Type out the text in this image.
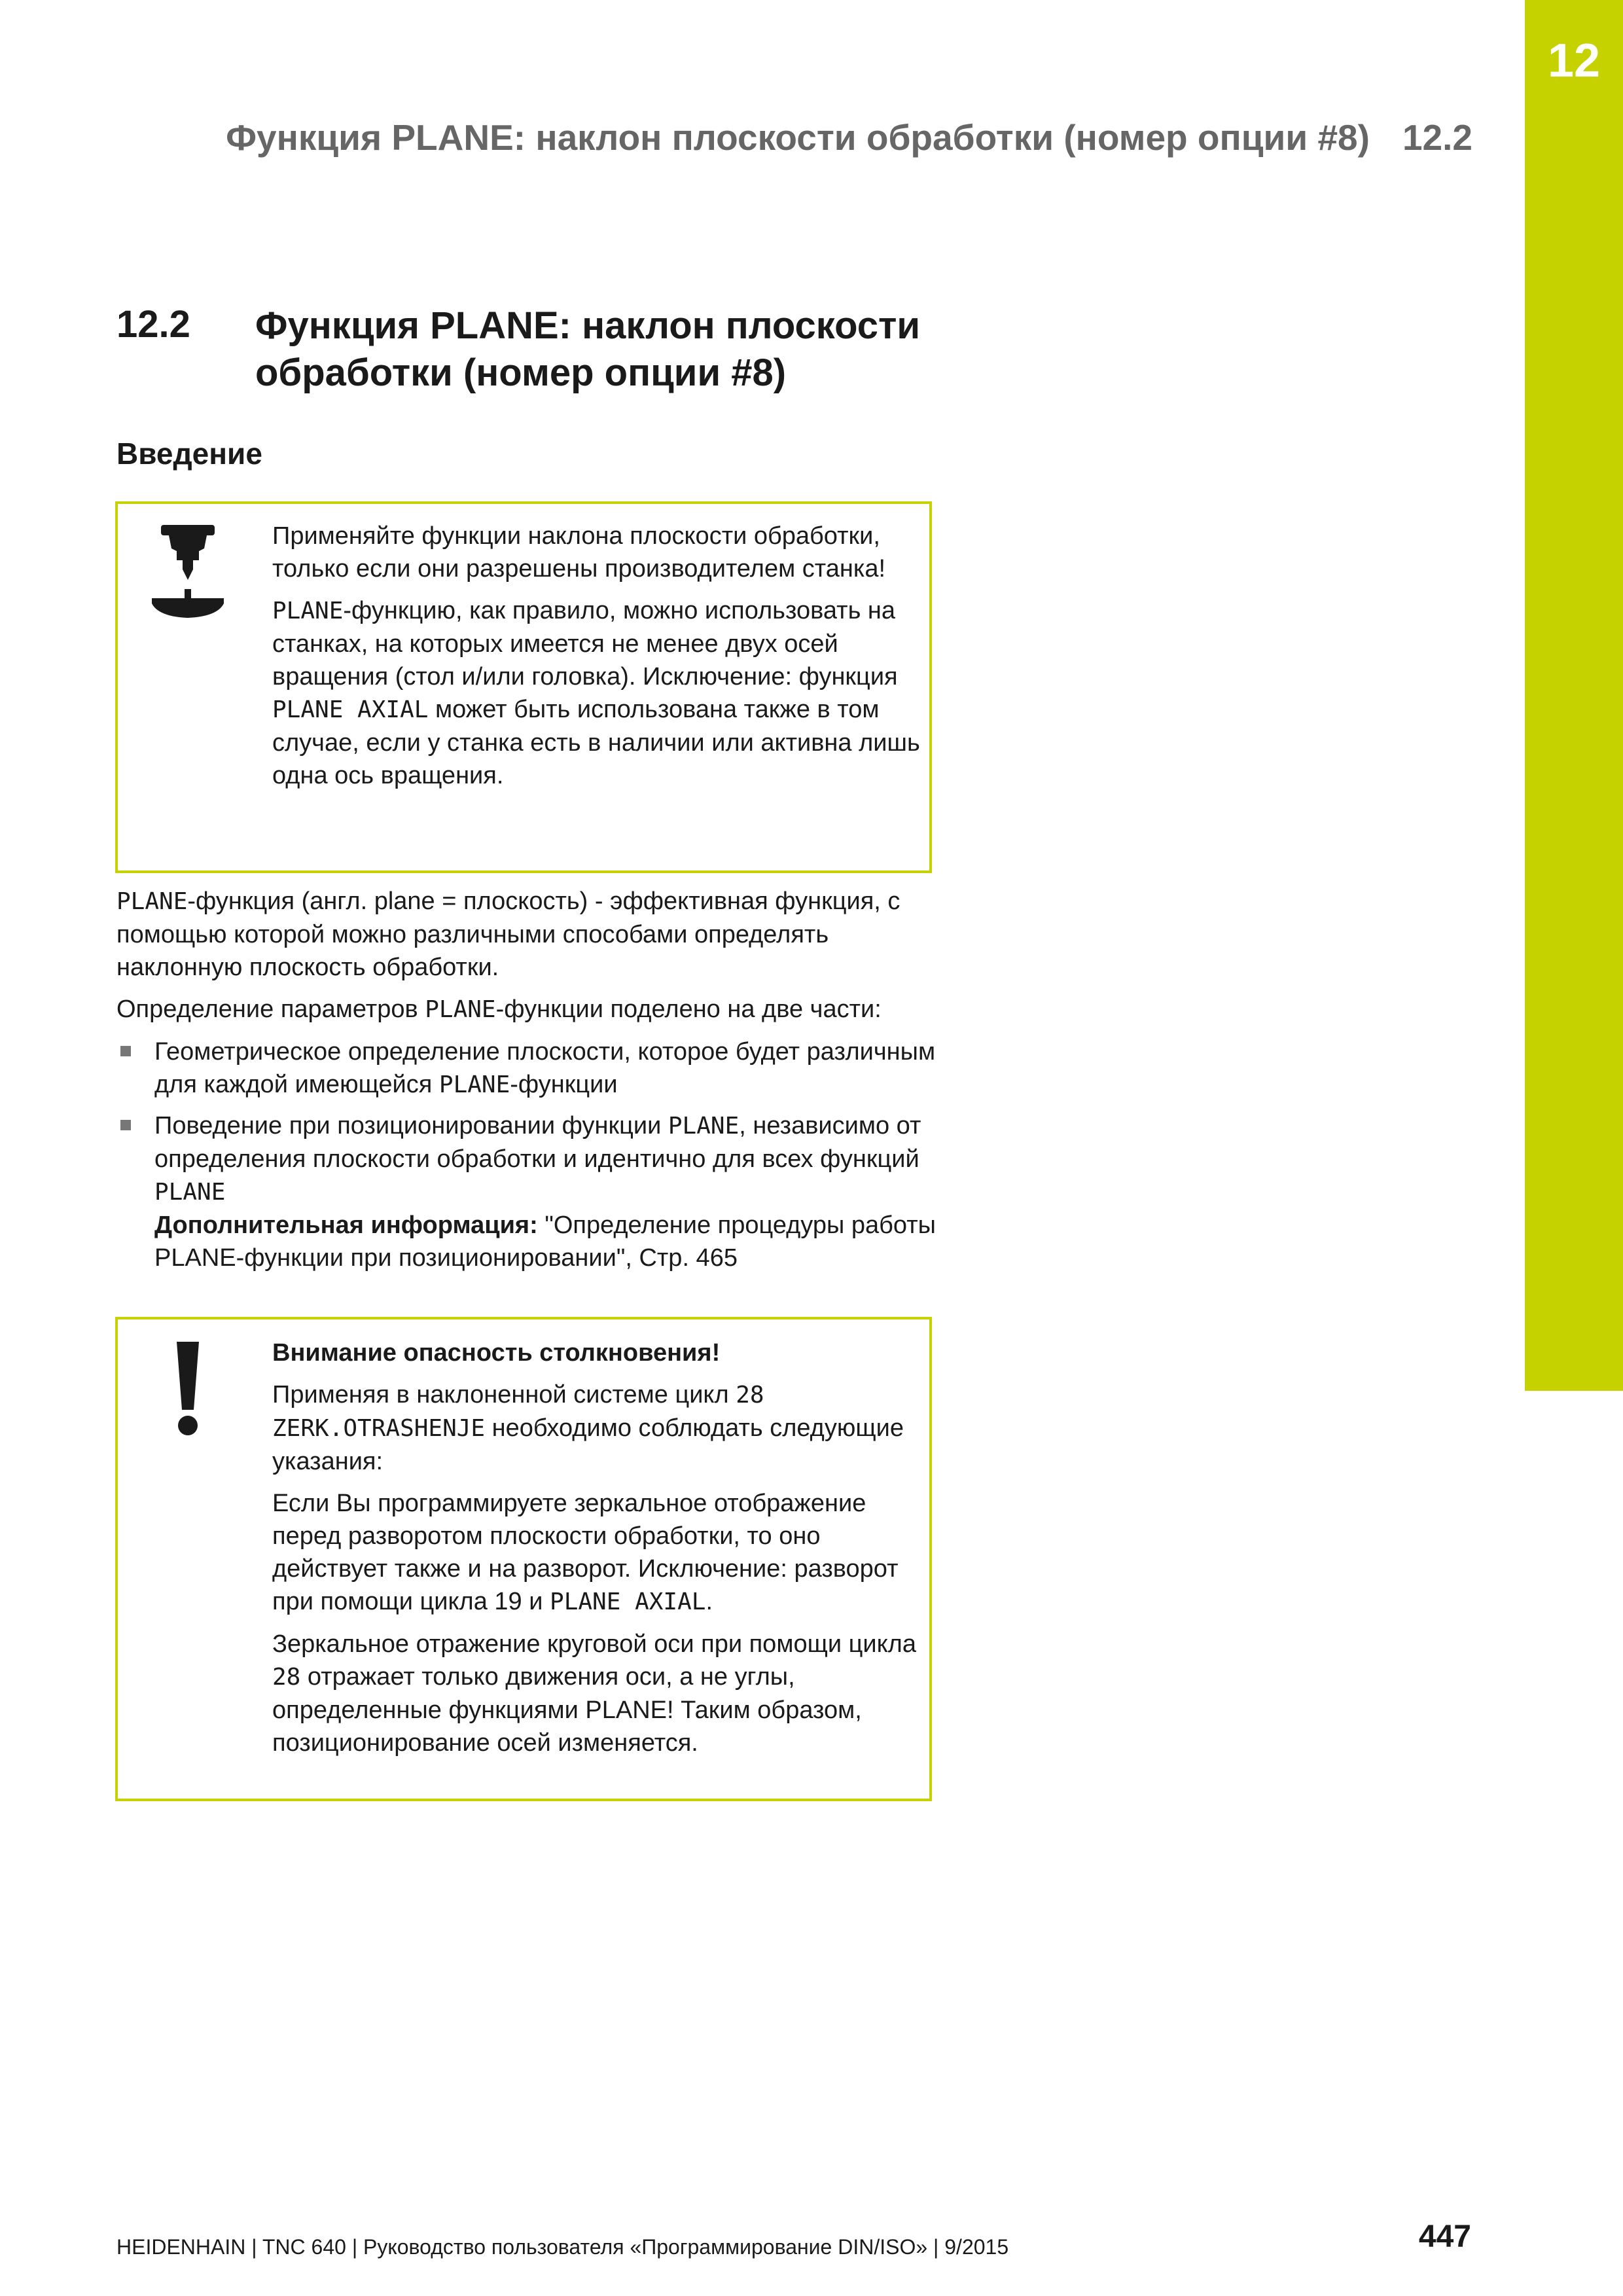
12
Функция PLANE: наклон плоскости обработки (номер опции #8) 12.2
12.2 Функция PLANE: наклон плоскости обработки (номер опции #8)
Введение

Применяйте функции наклона плоскости обработки, только если они разрешены производителем станка!

PLANE-функцию, как правило, можно использовать на станках, на которых имеется не менее двух осей вращения (стол и/или головка). Исключение: функция PLANE AXIAL может быть использована также в том случае, если у станка есть в наличии или активна лишь одна ось вращения.

PLANE-функция (англ. plane = плоскость) - эффективная функция, с помощью которой можно различными способами определять наклонную плоскость обработки.

Определение параметров PLANE-функции поделено на две части:

Геометрическое определение плоскости, которое будет различным для каждой имеющейся PLANE-функции
Поведение при позиционировании функции PLANE, независимо от определения плоскости обработки и идентично для всех функций PLANE
Дополнительная информация: "Определение процедуры работы PLANE-функции при позиционировании", Стр. 465

Внимание опасность столкновения!

Применяя в наклоненной системе цикл 28 ZERK.OTRASHENJE необходимо соблюдать следующие указания:

Если Вы программируете зеркальное отображение перед разворотом плоскости обработки, то оно действует также и на разворот. Исключение: разворот при помощи цикла 19 и PLANE AXIAL.

Зеркальное отражение круговой оси при помощи цикла 28 отражает только движения оси, а не углы, определенные функциями PLANE! Таким образом, позиционирование осей изменяется.

HEIDENHAIN | TNC 640 | Руководство пользователя «Программирование DIN/ISO» | 9/2015	447
